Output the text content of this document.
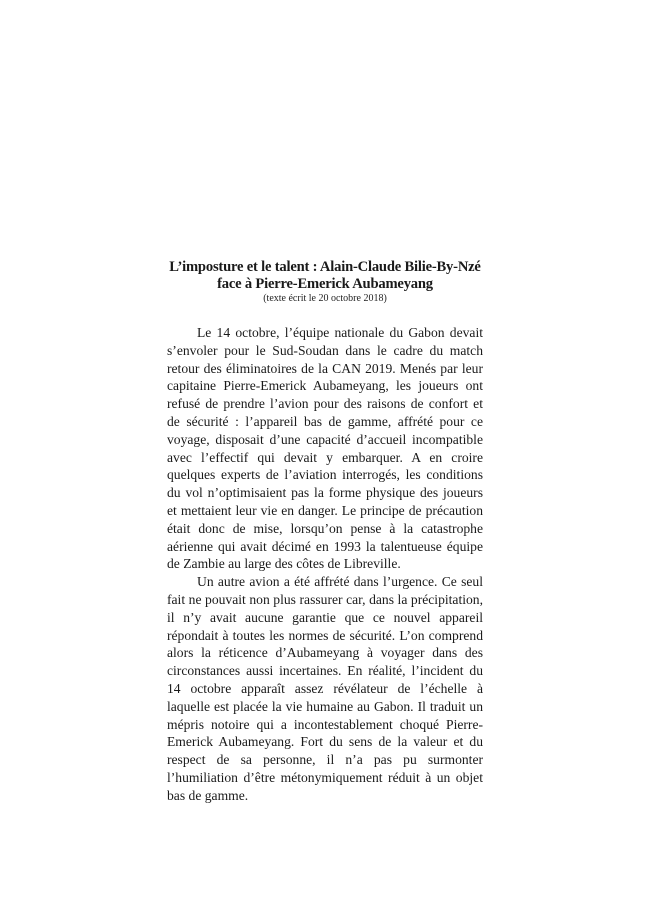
L’imposture et le talent : Alain-Claude Bilie-By-Nzé
face à Pierre-Emerick Aubameyang

(texte écrit le 20 octobre 2018)

Le 14 octobre, l’équipe nationale du Gabon devait s’envoler pour le Sud-Soudan dans le cadre du match retour des éliminatoires de la CAN 2019. Menés par leur capitaine Pierre-Emerick Aubameyang, les joueurs ont refusé de prendre l’avion pour des raisons de confort et de sécurité : l’appareil bas de gamme, affrété pour ce voyage, disposait d’une capacité d’accueil incompatible avec l’effectif qui devait y embarquer. A en croire quelques experts de l’aviation interrogés, les conditions du vol n’optimisaient pas la forme physique des joueurs et mettaient leur vie en danger. Le principe de précaution était donc de mise, lorsqu’on pense à la catastrophe aérienne qui avait décimé en 1993 la talentueuse équipe de Zambie au large des côtes de Libreville.

Un autre avion a été affrété dans l’urgence. Ce seul fait ne pouvait non plus rassurer car, dans la précipitation, il n’y avait aucune garantie que ce nouvel appareil répondait à toutes les normes de sécurité. L’on comprend alors la réticence d’Aubameyang à voyager dans des circonstances aussi incertaines. En réalité, l’incident du 14 octobre apparaît assez révélateur de l’échelle à laquelle est placée la vie humaine au Gabon. Il traduit un mépris notoire qui a incontestablement choqué Pierre-Emerick Aubameyang. Fort du sens de la valeur et du respect de sa personne, il n’a pas pu surmonter l’humiliation d’être métonymiquement réduit à un objet bas de gamme.
